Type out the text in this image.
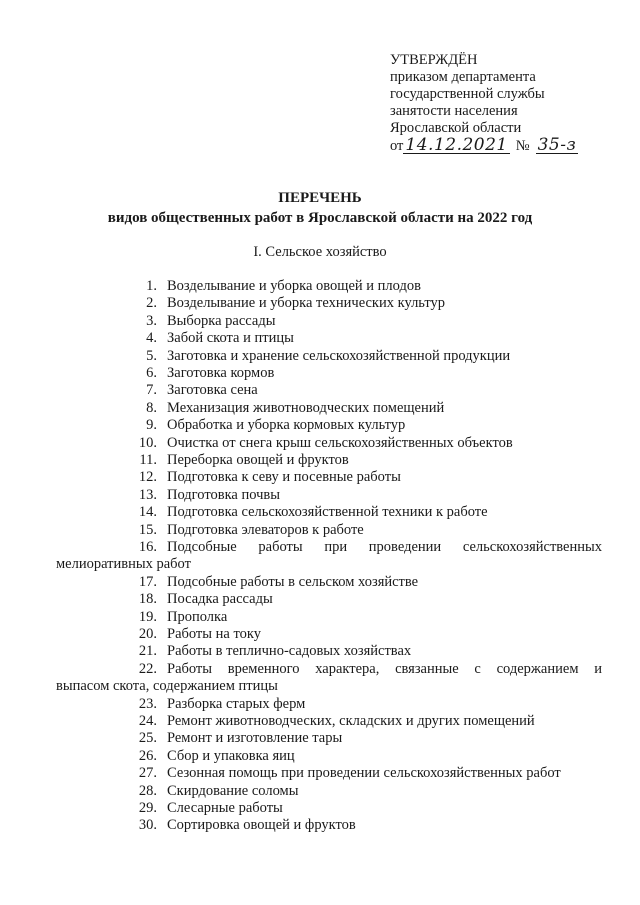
УТВЕРЖДЁН
приказом департамента
государственной службы
занятости населения
Ярославской области
от 14.12.2021 № 35-з
ПЕРЕЧЕНЬ
видов общественных работ в Ярославской области на 2022 год
I. Сельское хозяйство
1. Возделывание и уборка овощей и плодов
2. Возделывание и уборка технических культур
3. Выборка рассады
4. Забой скота и птицы
5. Заготовка и хранение сельскохозяйственной продукции
6. Заготовка кормов
7. Заготовка сена
8. Механизация животноводческих помещений
9. Обработка и уборка кормовых культур
10. Очистка от снега крыш сельскохозяйственных объектов
11. Переборка овощей и фруктов
12. Подготовка к севу и посевные работы
13. Подготовка почвы
14. Подготовка сельскохозяйственной техники к работе
15. Подготовка элеваторов к работе
16. Подсобные работы при проведении сельскохозяйственных
мелиоративных работ
17. Подсобные работы в сельском хозяйстве
18. Посадка рассады
19. Прополка
20. Работы на току
21. Работы в теплично-садовых хозяйствах
22. Работы временного характера, связанные с содержанием и
выпасом скота, содержанием птицы
23. Разборка старых ферм
24. Ремонт животноводческих, складских и других помещений
25. Ремонт и изготовление тары
26. Сбор и упаковка яиц
27. Сезонная помощь при проведении сельскохозяйственных работ
28. Скирдование соломы
29. Слесарные работы
30. Сортировка овощей и фруктов
